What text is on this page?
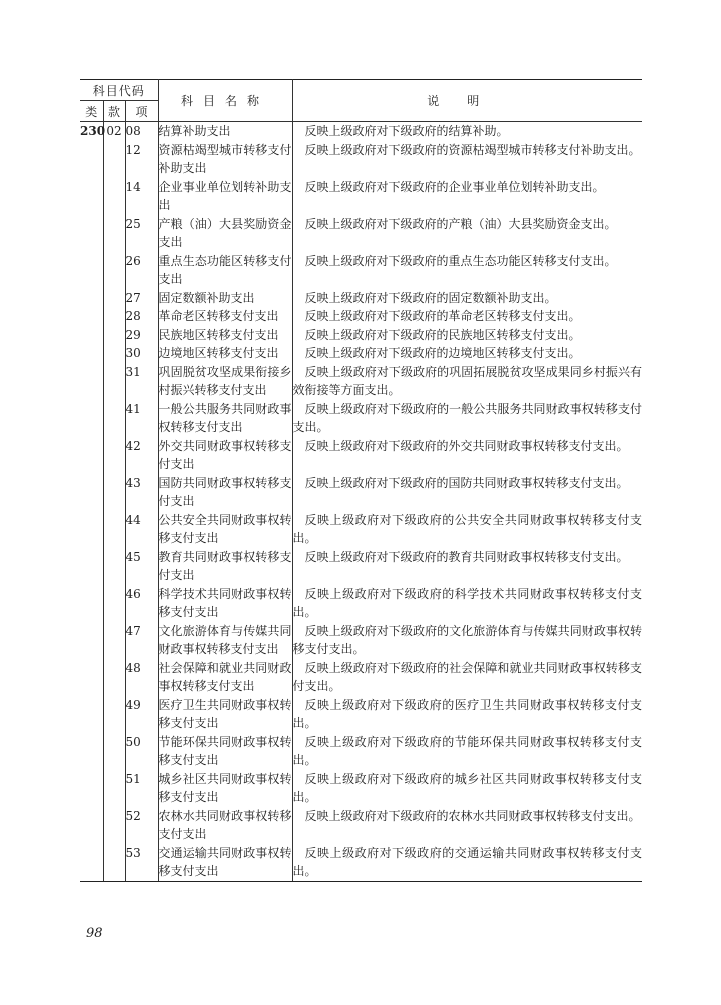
科目代码			科目名称	说明
类	款	项		
230	02	08	结算补助支出	反映上级政府对下级政府的结算补助。
		12	资源枯竭型城市转移支付补助支出	反映上级政府对下级政府的资源枯竭型城市转移支付补助支出。
		14	企业事业单位划转补助支出	反映上级政府对下级政府的企业事业单位划转补助支出。
		25	产粮（油）大县奖励资金支出	反映上级政府对下级政府的产粮（油）大县奖励资金支出。
		26	重点生态功能区转移支付支出	反映上级政府对下级政府的重点生态功能区转移支付支出。
		27	固定数额补助支出	反映上级政府对下级政府的固定数额补助支出。
		28	革命老区转移支付支出	反映上级政府对下级政府的革命老区转移支付支出。
		29	民族地区转移支付支出	反映上级政府对下级政府的民族地区转移支付支出。
		30	边境地区转移支付支出	反映上级政府对下级政府的边境地区转移支付支出。
		31	巩固脱贫攻坚成果衔接乡村振兴转移支付支出	反映上级政府对下级政府的巩固拓展脱贫攻坚成果同乡村振兴有效衔接等方面支出。
		41	一般公共服务共同财政事权转移支付支出	反映上级政府对下级政府的一般公共服务共同财政事权转移支付支出。
		42	外交共同财政事权转移支付支出	反映上级政府对下级政府的外交共同财政事权转移支付支出。
		43	国防共同财政事权转移支付支出	反映上级政府对下级政府的国防共同财政事权转移支付支出。
		44	公共安全共同财政事权转移支付支出	反映上级政府对下级政府的公共安全共同财政事权转移支付支出。
		45	教育共同财政事权转移支付支出	反映上级政府对下级政府的教育共同财政事权转移支付支出。
		46	科学技术共同财政事权转移支付支出	反映上级政府对下级政府的科学技术共同财政事权转移支付支出。
		47	文化旅游体育与传媒共同财政事权转移支付支出	反映上级政府对下级政府的文化旅游体育与传媒共同财政事权转移支付支出。
		48	社会保障和就业共同财政事权转移支付支出	反映上级政府对下级政府的社会保障和就业共同财政事权转移支付支出。
		49	医疗卫生共同财政事权转移支付支出	反映上级政府对下级政府的医疗卫生共同财政事权转移支付支出。
		50	节能环保共同财政事权转移支付支出	反映上级政府对下级政府的节能环保共同财政事权转移支付支出。
		51	城乡社区共同财政事权转移支付支出	反映上级政府对下级政府的城乡社区共同财政事权转移支付支出。
		52	农林水共同财政事权转移支付支出	反映上级政府对下级政府的农林水共同财政事权转移支付支出。
		53	交通运输共同财政事权转移支付支出	反映上级政府对下级政府的交通运输共同财政事权转移支付支出。
98
